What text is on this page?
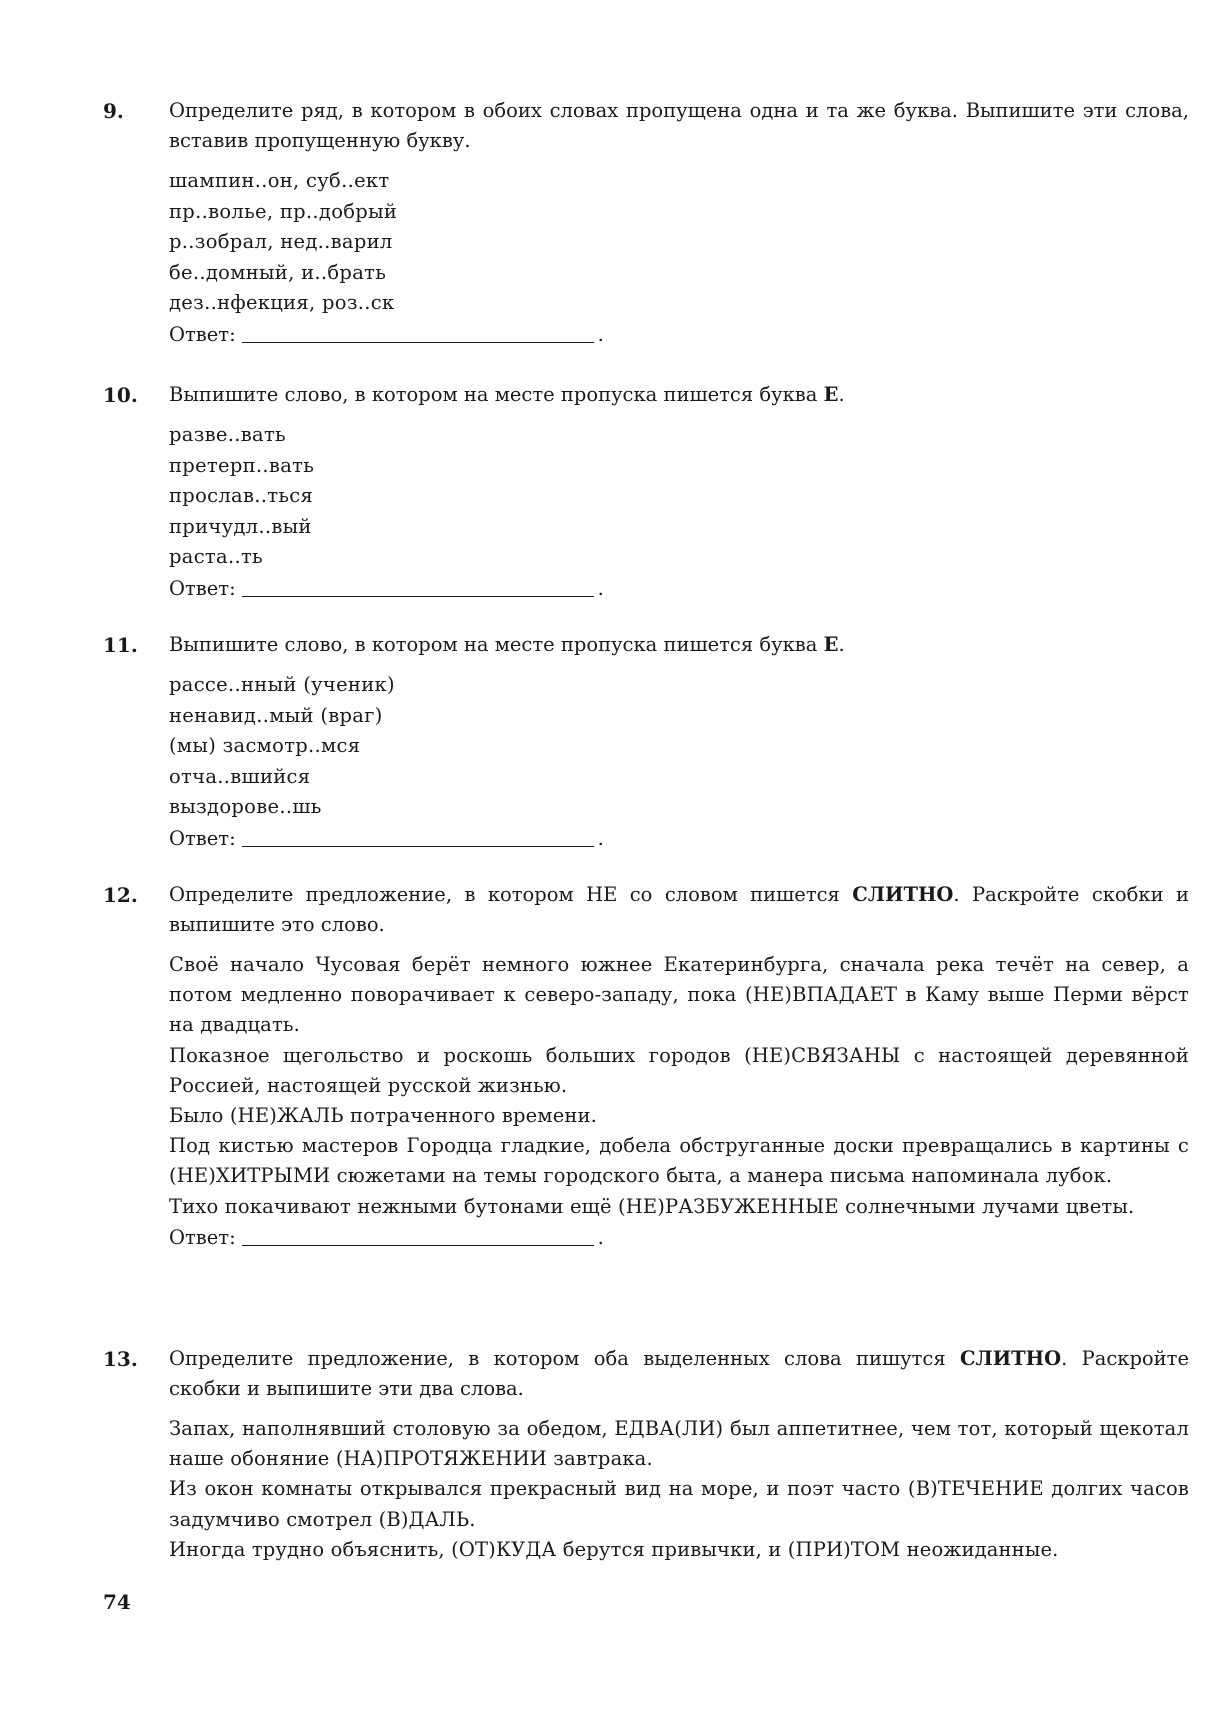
9. Определите ряд, в котором в обоих словах пропущена одна и та же буква. Выпишите эти слова, вставив пропущенную букву.

шампин..он, суб..ект
пр..волье, пр..добрый
р..зобрал, нед..варил
бе..домный, и..брать
дез..нфекция, роз..ск
Ответ:	.
10. Выпишите слово, в котором на месте пропуска пишется буква Е.

разве..вать
претерп..вать
прослав..ться
причудл..вый
раста..ть
Ответ:	.
11. Выпишите слово, в котором на месте пропуска пишется буква Е.

рассе..нный (ученик)
ненавид..мый (враг)
(мы) засмотр..мся
отча..вшийся
выздорове..шь
Ответ:	.
12. Определите предложение, в котором НЕ со словом пишется СЛИТНО. Раскройте скобки и выпишите это слово.

Своё начало Чусовая берёт немного южнее Екатеринбурга, сначала река течёт на север, а потом медленно поворачивает к северо-западу, пока (НЕ)ВПАДАЕТ в Каму выше Перми вёрст на двадцать.

Показное щегольство и роскошь больших городов (НЕ)СВЯЗАНЫ с настоящей деревянной Россией, настоящей русской жизнью.

Было (НЕ)ЖАЛЬ потраченного времени.

Под кистью мастеров Городца гладкие, добела обструганные доски превращались в картины с (НЕ)ХИТРЫМИ сюжетами на темы городского быта, а манера письма напоминала лубок.

Тихо покачивают нежными бутонами ещё (НЕ)РАЗБУЖЕННЫЕ солнечными лучами цветы.

Ответ:	.
13. Определите предложение, в котором оба выделенных слова пишутся СЛИТНО. Раскройте скобки и выпишите эти два слова.

Запах, наполнявший столовую за обедом, ЕДВА(ЛИ) был аппетитнее, чем тот, который щекотал наше обоняние (НА)ПРОТЯЖЕНИИ завтрака.

Из окон комнаты открывался прекрасный вид на море, и поэт часто (В)ТЕЧЕНИЕ долгих часов задумчиво смотрел (В)ДАЛЬ.

Иногда трудно объяснить, (ОТ)КУДА берутся привычки, и (ПРИ)ТОМ неожиданные.

74
